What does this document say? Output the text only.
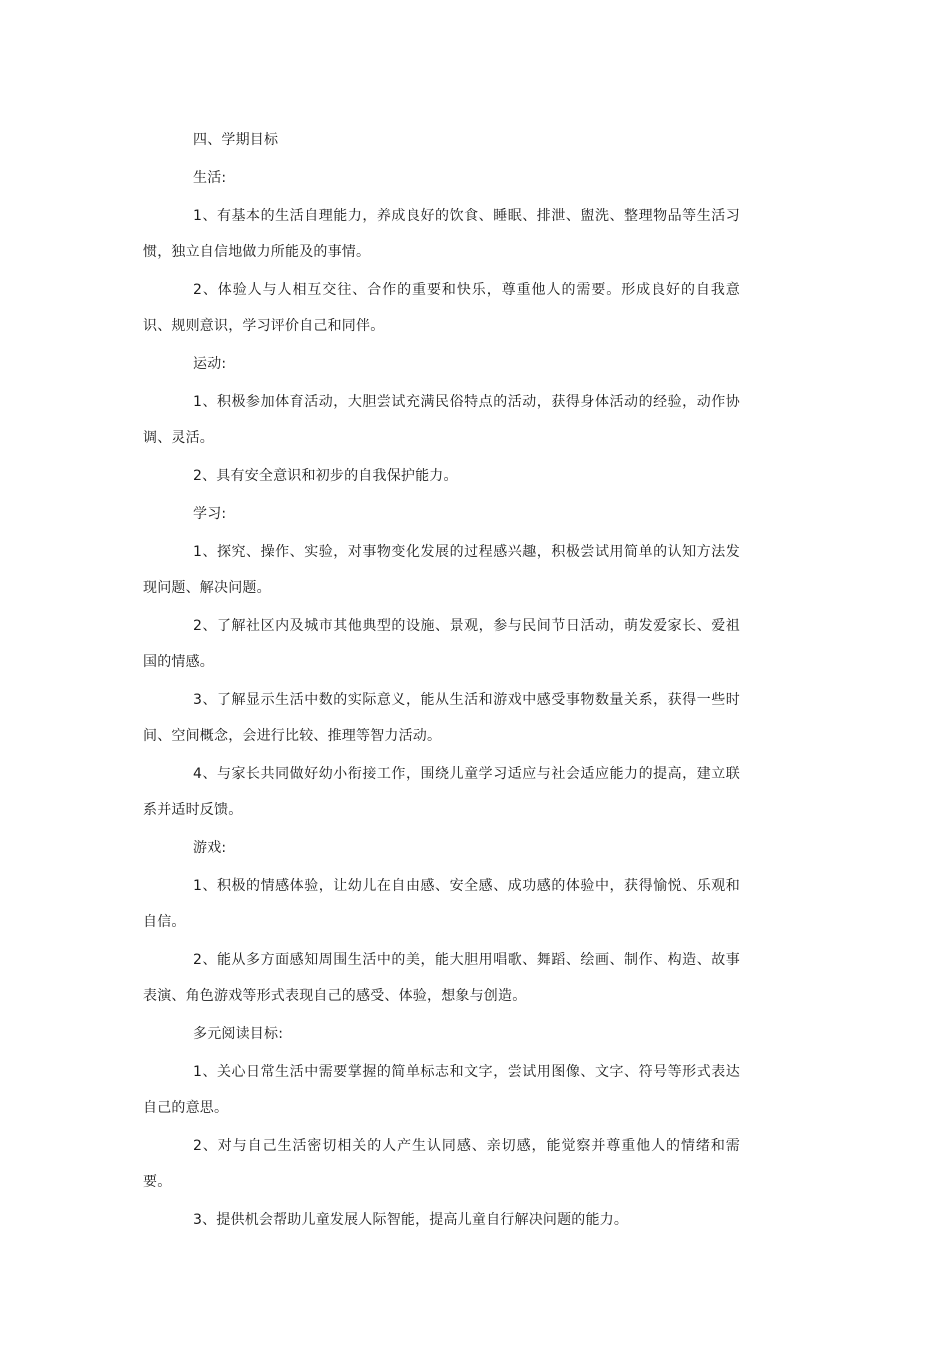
四、学期目标

生活:

1、有基本的生活自理能力，养成良好的饮食、睡眠、排泄、盥洗、整理物品等生活习惯，独立自信地做力所能及的事情。

2、体验人与人相互交往、合作的重要和快乐，尊重他人的需要。形成良好的自我意识、规则意识，学习评价自己和同伴。

运动:

1、积极参加体育活动，大胆尝试充满民俗特点的活动，获得身体活动的经验，动作协调、灵活。

2、具有安全意识和初步的自我保护能力。

学习:

1、探究、操作、实验，对事物变化发展的过程感兴趣，积极尝试用简单的认知方法发现问题、解决问题。

2、了解社区内及城市其他典型的设施、景观，参与民间节日活动，萌发爱家长、爱祖国的情感。

3、了解显示生活中数的实际意义，能从生活和游戏中感受事物数量关系，获得一些时间、空间概念，会进行比较、推理等智力活动。

4、与家长共同做好幼小衔接工作，围绕儿童学习适应与社会适应能力的提高，建立联系并适时反馈。

游戏:

1、积极的情感体验，让幼儿在自由感、安全感、成功感的体验中，获得愉悦、乐观和自信。

2、能从多方面感知周围生活中的美，能大胆用唱歌、舞蹈、绘画、制作、构造、故事表演、角色游戏等形式表现自己的感受、体验，想象与创造。

多元阅读目标:

1、关心日常生活中需要掌握的简单标志和文字，尝试用图像、文字、符号等形式表达自己的意思。

2、对与自己生活密切相关的人产生认同感、亲切感，能觉察并尊重他人的情绪和需要。

3、提供机会帮助儿童发展人际智能，提高儿童自行解决问题的能力。
